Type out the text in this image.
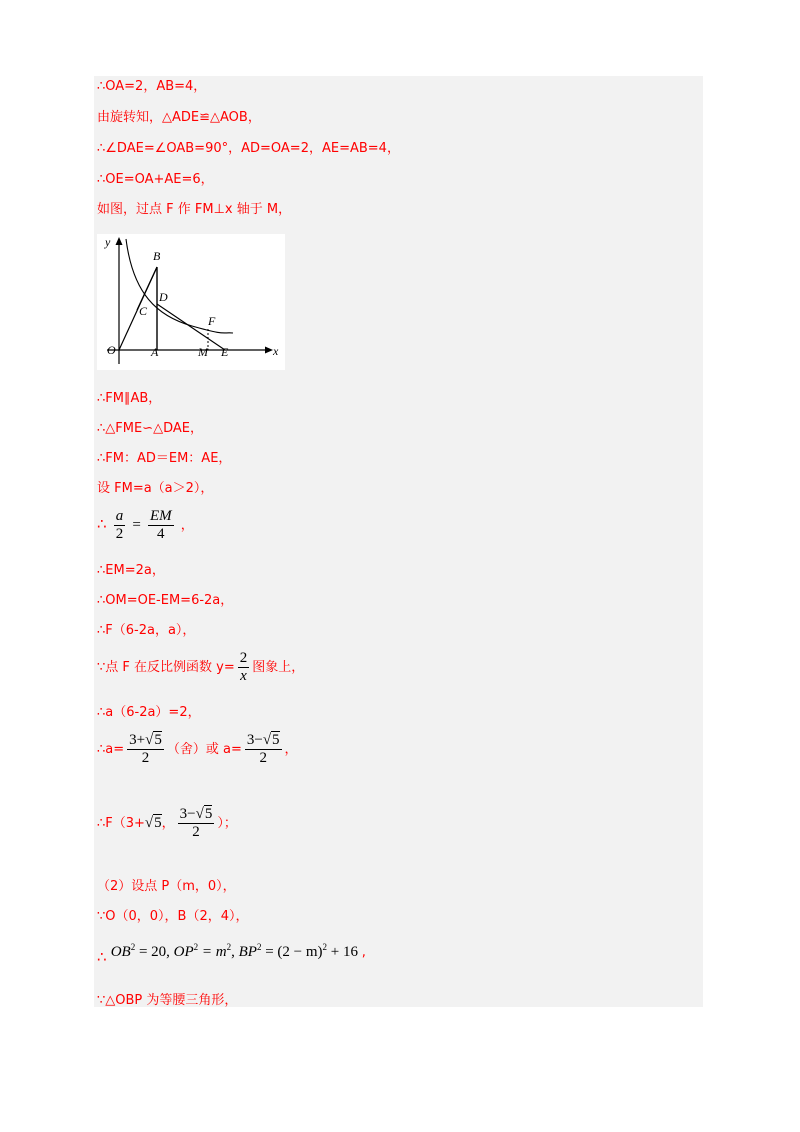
∴OA=2，AB=4，
由旋转知，△ADE≌△AOB，
∴∠DAE=∠OAB=90°，AD=OA=2，AE=AB=4，
∴OE=OA+AE=6，
如图，过点 F 作 FM⊥x 轴于 M，
y
x
O	A
B
C
D
F
M E
∴FM∥AB，
∴△FME∽△DAE，
∴FM：AD＝EM：AE，
设 FM=a（a＞2），
∴ $\frac{a}{2} = \frac{EM}{4}$ ，
∴EM=2a，
∴OM=OE-EM=6-2a，
∴F（6-2a，a），
∵点 F 在反比例函数 $y= \frac{2}{x}$ 图象上，
∴a（6-2a）=2，
∴a= $\frac{3+√5}{2}$ （舍）或 $a= \frac{3-√5}{2}$ ，
∴F（3+√5， $\frac{3-√5}{2}$ ）；
（2）设点 P（m，0），
∵O（0，0），B（2，4），
∴ $OB^2 = 20$, $OP^2 = m^2$, $BP^2 = (2 - m)^2 + 16$ ,
∵△OBP 为等腰三角形，
